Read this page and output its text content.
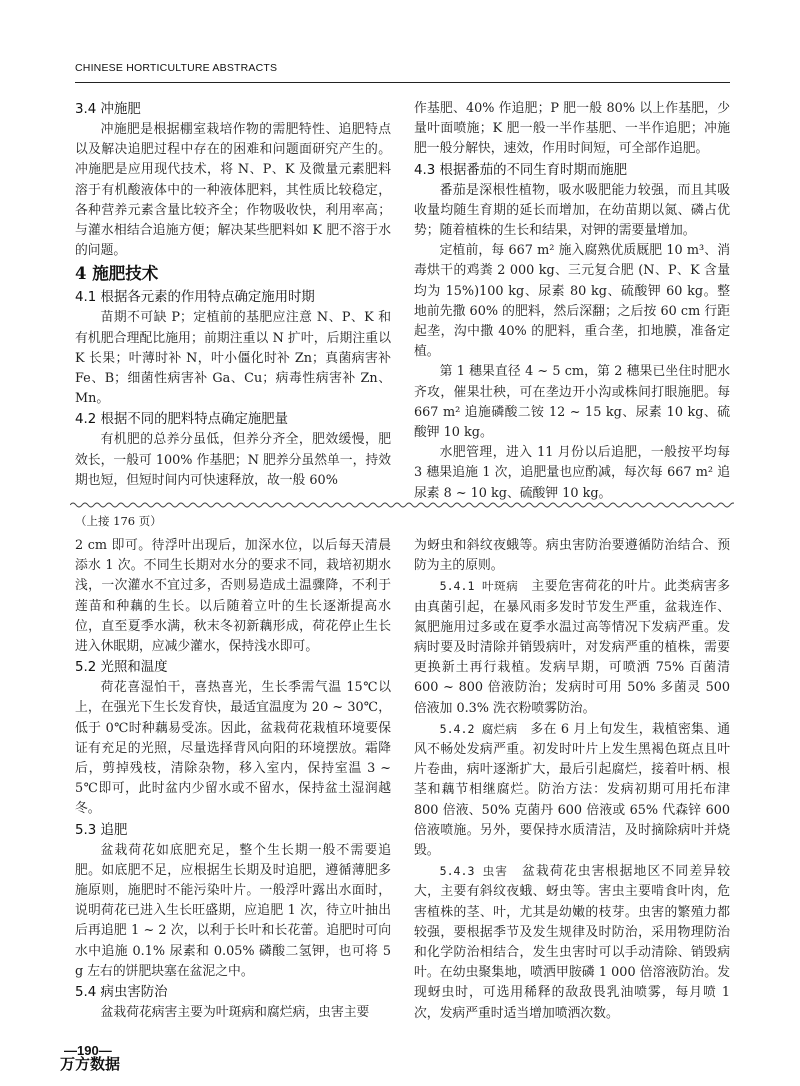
CHINESE HORTICULTURE ABSTRACTS
3.4 冲施肥

冲施肥是根据棚室栽培作物的需肥特性、追肥特点以及解决追肥过程中存在的困难和问题面研究产生的。冲施肥是应用现代技术，将 N、P、K 及微量元素肥料溶于有机酸液体中的一种液体肥料，其性质比较稳定，各种营养元素含量比较齐全；作物吸收快，利用率高；与灌水相结合追施方便；解决某些肥料如 K 肥不溶于水的问题。

4 施肥技术
4.1 根据各元素的作用特点确定施用时期

苗期不可缺 P；定植前的基肥应注意 N、P、K 和有机肥合理配比施用；前期注重以 N 扩叶，后期注重以 K 长果；叶薄时补 N，叶小僵化时补 Zn；真菌病害补 Fe、B；细菌性病害补 Ga、Cu；病毒性病害补 Zn、Mn。

4.2 根据不同的肥料特点确定施肥量

有机肥的总养分虽低，但养分齐全，肥效缓慢，肥效长，一般可 100% 作基肥；N 肥养分虽然单一，持效期也短，但短时间内可快速释放，故一般 60%

作基肥、40% 作追肥；P 肥一般 80% 以上作基肥，少量叶面喷施；K 肥一般一半作基肥、一半作追肥；冲施肥一般分解快，速效，作用时间短，可全部作追肥。

4.3 根据番茄的不同生育时期而施肥

番茄是深根性植物，吸水吸肥能力较强，而且其吸收量均随生育期的延长而增加，在幼苗期以氮、磷占优势；随着植株的生长和结果，对钾的需要量增加。

定植前，每 667 m² 施入腐熟优质厩肥 10 m³、消毒烘干的鸡粪 2 000 kg、三元复合肥 (N、P、K 含量均为 15%)100 kg、尿素 80 kg、硫酸钾 60 kg。整地前先撒 60% 的肥料，然后深翻；之后按 60 cm 行距起垄，沟中撒 40% 的肥料，重合垄，扣地膜，准备定植。

第 1 穗果直径 4 ~ 5 cm，第 2 穗果已坐住时肥水齐攻，催果壮秧，可在垄边开小沟或株间打眼施肥。每 667 m² 追施磷酸二铵 12 ~ 15 kg、尿素 10 kg、硫酸钾 10 kg。

水肥管理，进入 11 月份以后追肥，一般按平均每 3 穗果追施 1 次，追肥量也应酌减，每次每 667 m² 追尿素 8 ~ 10 kg、硫酸钾 10 kg。

（上接 176 页）

2 cm 即可。待浮叶出现后，加深水位，以后每天清晨添水 1 次。不同生长期对水分的要求不同，栽培初期水浅，一次灌水不宜过多，否则易造成土温骤降，不利于莲苗和种藕的生长。以后随着立叶的生长逐渐提高水位，直至夏季水满，秋末冬初新藕形成，荷花停止生长进入休眠期，应减少灌水，保持浅水即可。

5.2 光照和温度

荷花喜湿怕干，喜热喜光，生长季需气温 15℃以上，在强光下生长发育快，最适宜温度为 20 ~ 30℃，低于 0℃时种藕易受冻。因此，盆栽荷花栽植环境要保证有充足的光照，尽量选择背风向阳的环境摆放。霜降后，剪掉残枝，清除杂物，移入室内，保持室温 3 ~ 5℃即可，此时盆内少留水或不留水，保持盆土湿润越冬。

5.3 追肥

盆栽荷花如底肥充足，整个生长期一般不需要追肥。如底肥不足，应根据生长期及时追肥，遵循薄肥多施原则，施肥时不能污染叶片。一般浮叶露出水面时，说明荷花已进入生长旺盛期，应追肥 1 次，待立叶抽出后再追肥 1 ~ 2 次，以利于长叶和长花蕾。追肥时可向水中追施 0.1% 尿素和 0.05% 磷酸二氢钾，也可将 5 g 左右的饼肥块塞在盆泥之中。

5.4 病虫害防治

盆栽荷花病害主要为叶斑病和腐烂病，虫害主要

为蚜虫和斜纹夜蛾等。病虫害防治要遵循防治结合、预防为主的原则。

5.4.1 叶斑病  主要危害荷花的叶片。此类病害多由真菌引起，在暴风雨多发时节发生严重，盆栽连作、氮肥施用过多或在夏季水温过高等情况下发病严重。发病时要及时清除并销毁病叶，对发病严重的植株，需要更换新土再行栽植。发病早期，可喷洒 75% 百菌清 600 ~ 800 倍液防治；发病时可用 50% 多菌灵 500 倍液加 0.3% 洗衣粉喷雾防治。

5.4.2 腐烂病  多在 6 月上旬发生，栽植密集、通风不畅处发病严重。初发时叶片上发生黑褐色斑点且叶片卷曲，病叶逐渐扩大，最后引起腐烂，接着叶柄、根茎和藕节相继腐烂。防治方法：发病初期可用托布津 800 倍液、50% 克菌丹 600 倍液或 65% 代森锌 600 倍液喷施。另外，要保持水质清洁，及时摘除病叶并烧毁。

5.4.3 虫害  盆栽荷花虫害根据地区不同差异较大，主要有斜纹夜蛾、蚜虫等。害虫主要啃食叶肉，危害植株的茎、叶，尤其是幼嫩的枝芽。虫害的繁殖力都较强，要根据季节及发生规律及时防治，采用物理防治和化学防治相结合，发生虫害时可以手动清除、销毁病叶。在幼虫聚集地，喷洒甲胺磷 1 000 倍溶液防治。发现蚜虫时，可选用稀释的敌敌畏乳油喷雾，每月喷 1 次，发病严重时适当增加喷洒次数。

—190—
万方数据
